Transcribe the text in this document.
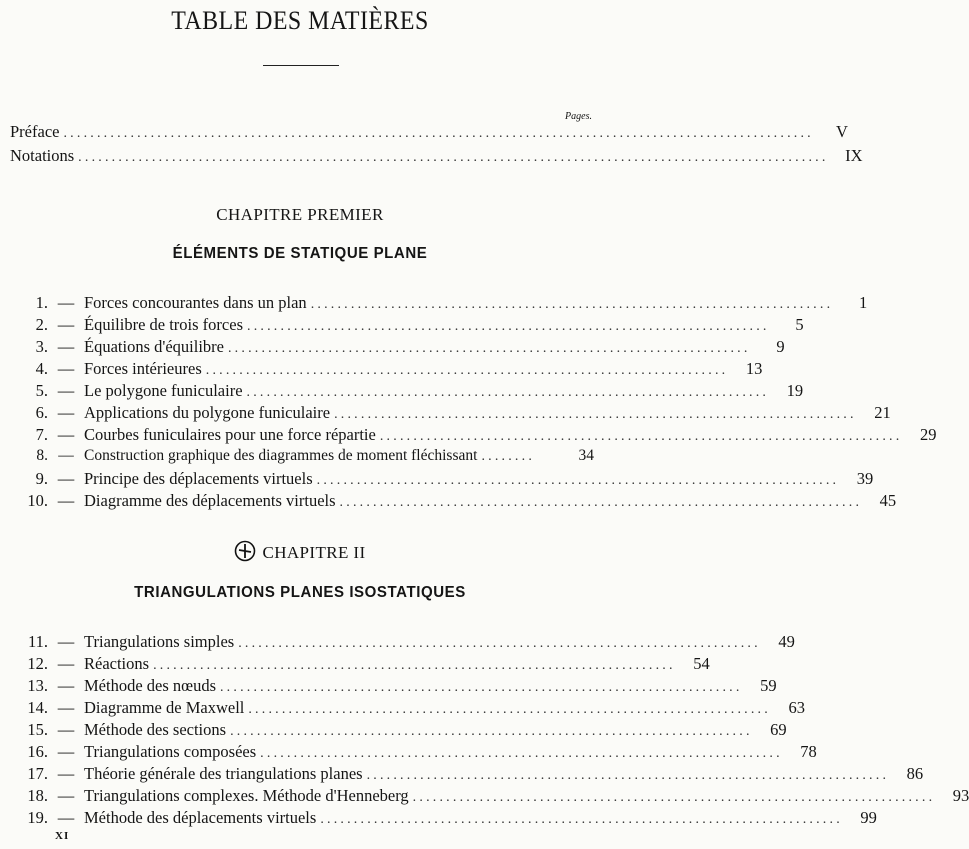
TABLE DES MATIÈRES
Pages.
Préface ................................................................................................................	V
Notations ................................................................................................................	IX
CHAPITRE PREMIER
ÉLÉMENTS DE STATIQUE PLANE
1. — Forces concourantes dans un plan ..............................................................................	1
2. — Équilibre de trois forces ..............................................................................	5
3. — Équations d'équilibre ..............................................................................	9
4. — Forces intérieures ..............................................................................	13
5. — Le polygone funiculaire ..............................................................................	19
6. — Applications du polygone funiculaire ..............................................................................	21
7. — Courbes funiculaires pour une force répartie ..............................................................................	29
8. — Construction graphique des diagrammes de moment fléchissant ........	34
9. — Principe des déplacements virtuels ..............................................................................	39
10. — Diagramme des déplacements virtuels ..............................................................................	45
CHAPITRE II
TRIANGULATIONS PLANES ISOSTATIQUES
11. — Triangulations simples ..............................................................................	49
12. — Réactions ..............................................................................	54
13. — Méthode des nœuds ..............................................................................	59
14. — Diagramme de Maxwell ..............................................................................	63
15. — Méthode des sections ..............................................................................	69
16. — Triangulations composées ..............................................................................	78
17. — Théorie générale des triangulations planes ..............................................................................	86
18. — Triangulations complexes. Méthode d'Henneberg ..............................................................................	93
19. — Méthode des déplacements virtuels ..............................................................................	99
XI
